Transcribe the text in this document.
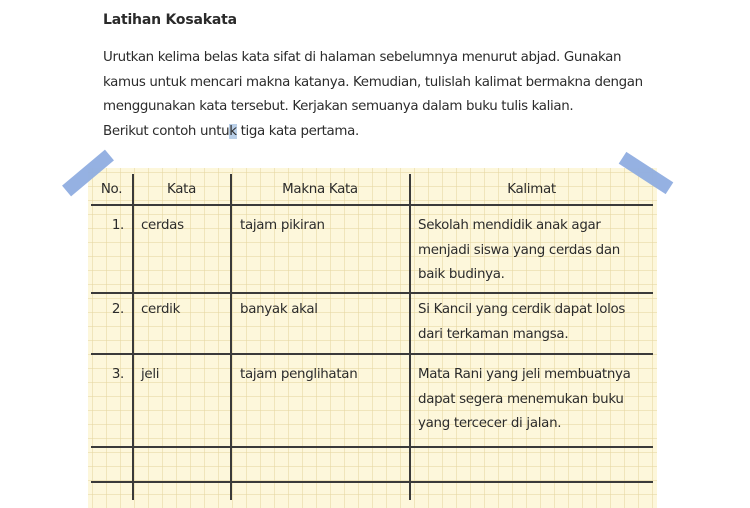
Latihan Kosakata

Urutkan kelima belas kata sifat di halaman sebelumnya menurut abjad. Gunakan

kamus untuk mencari makna katanya. Kemudian, tulislah kalimat bermakna dengan

menggunakan kata tersebut. Kerjakan semuanya dalam buku tulis kalian.

Berikut contoh untuk tiga kata pertama.

No.	Kata	Makna Kata	Kalimat
1. cerdas	tajam pikiran	Sekolah mendidik anak agar
menjadi siswa yang cerdas dan
baik budinya.
2. cerdik	banyak akal	Si Kancil yang cerdik dapat lolos
dari terkaman mangsa.
3. jeli	tajam penglihatan	Mata Rani yang jeli membuatnya
dapat segera menemukan buku
yang tercecer di jalan.
